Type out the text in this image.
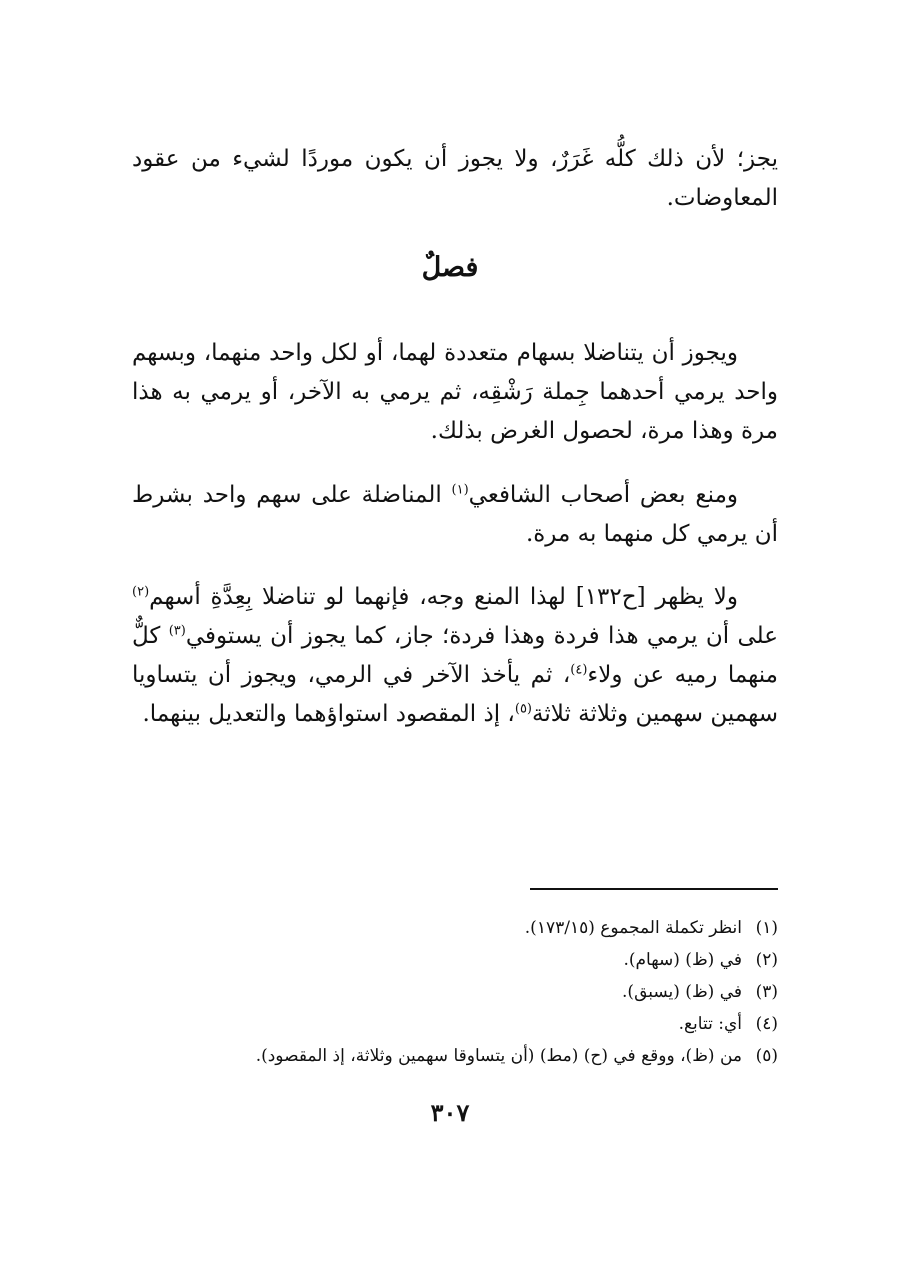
يجز؛ لأن ذلك كلُّه غَرَرٌ، ولا يجوز أن يكون موردًا لشيء من عقود المعاوضات.

فصلٌ

ويجوز أن يتناضلا بسهام متعددة لهما، أو لكل واحد منهما، وبسهم واحد يرمي أحدهما جِملة رَشْقِه، ثم يرمي به الآخر، أو يرمي به هذا مرة وهذا مرة، لحصول الغرض بذلك.

ومنع بعض أصحاب الشافعي$^{(١)}$ المناضلة على سهم واحد بشرط أن يرمي كل منهما به مرة.

ولا يظهر [ح١٣٢] لهذا المنع وجه، فإنهما لو تناضلا بِعِدَّةِ أسهم$^{(٢)}$ على أن يرمي هذا فردة وهذا فردة؛ جاز، كما يجوز أن يستوفي$^{(٣)}$ كلٌّ منهما رميه عن ولاء$^{(٤)}$، ثم يأخذ الآخر في الرمي، ويجوز أن يتساويا سهمين سهمين وثلاثة ثلاثة$^{(٥)}$، إذ المقصود استواؤهما والتعديل بينهما.

(١)
انظر تكملة المجموع (١٧٣/١٥).
(٢)
في (ظ) (سهام).
(٣)
في (ظ) (يسبق).
(٤)
أي: تتابع.
(٥)
من (ظ)، ووقع في (ح) (مط) (أن يتساوقا سهمين وثلاثة، إذ المقصود).
٣٠٧
